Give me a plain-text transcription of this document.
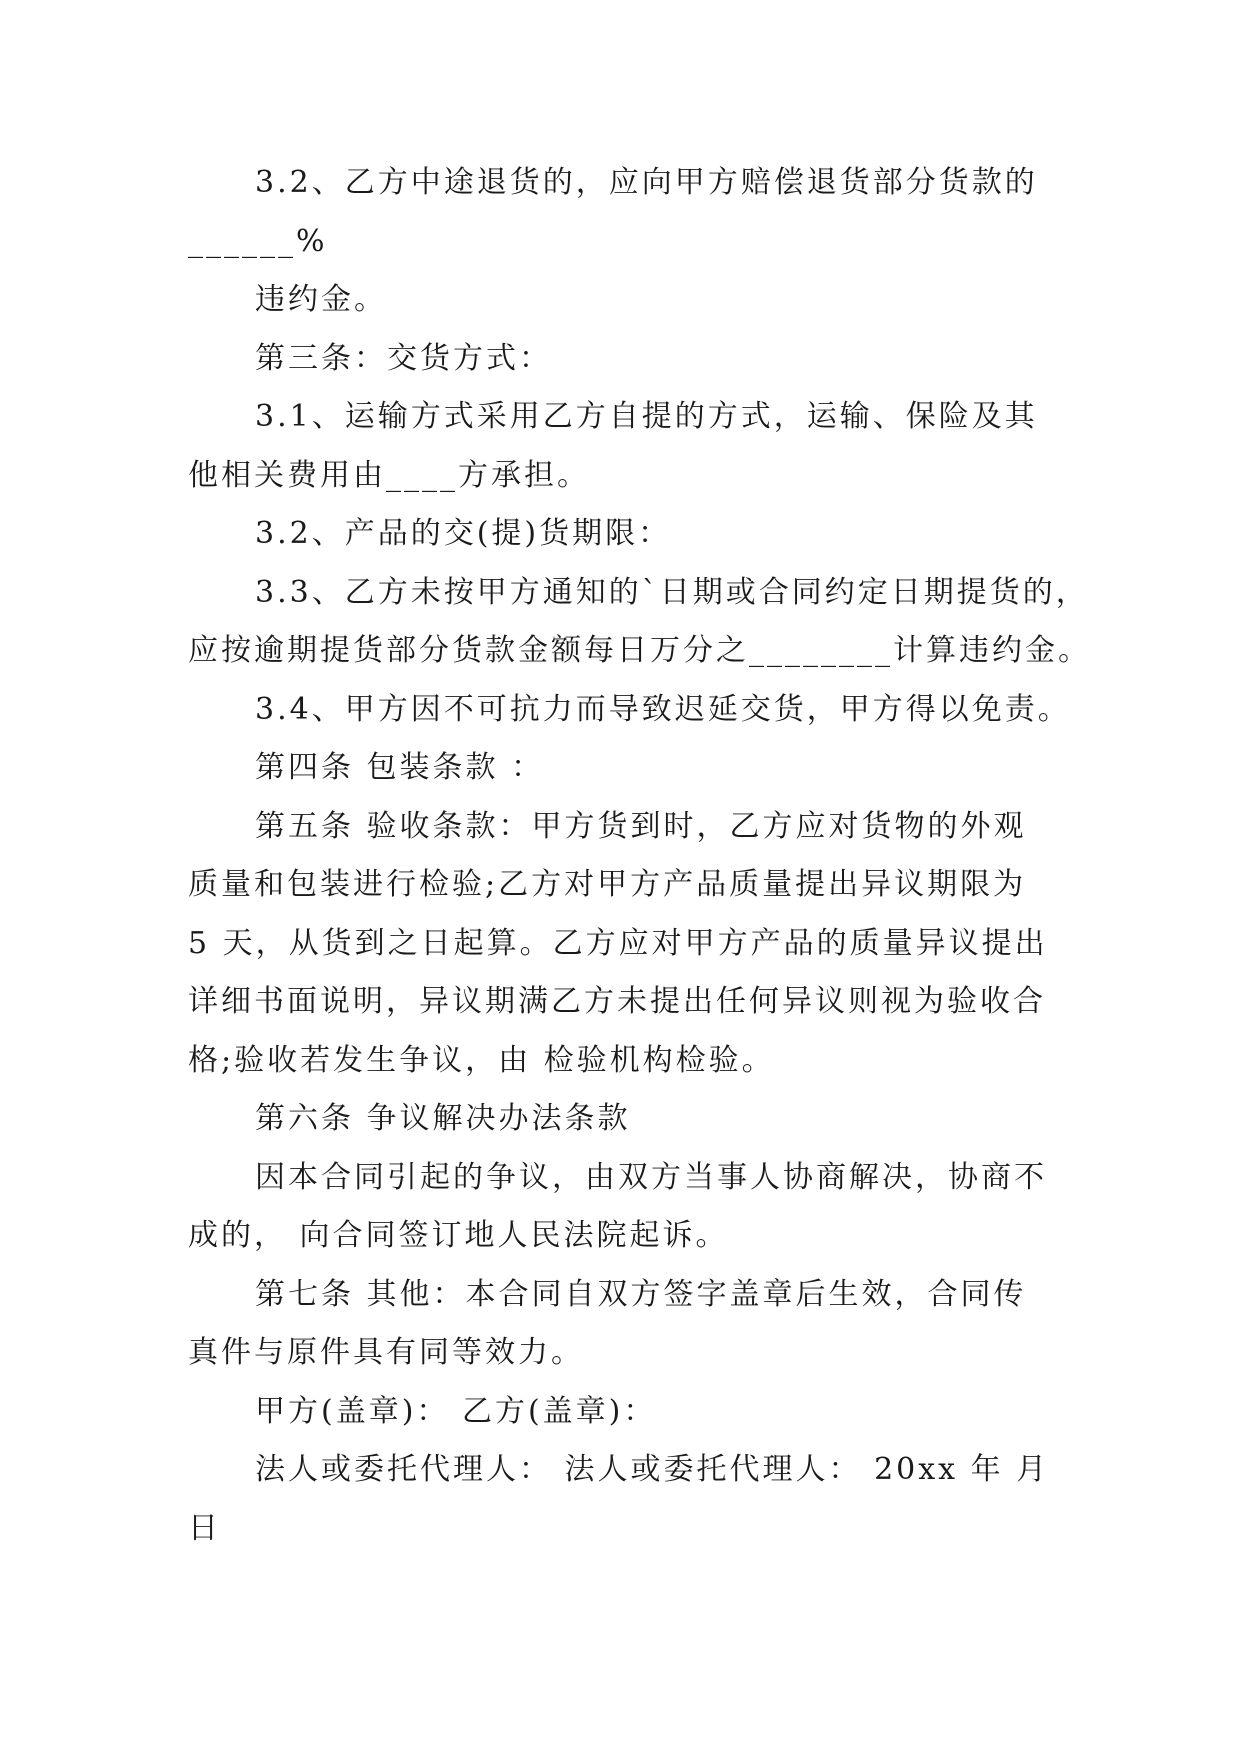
3.2、乙方中途退货的，应向甲方赔偿退货部分货款的
______%
违约金。
第三条：交货方式：
3.1、运输方式采用乙方自提的方式，运输、保险及其
他相关费用由____方承担。
3.2、产品的交(提)货期限：
3.3、乙方未按甲方通知的`日期或合同约定日期提货的，
应按逾期提货部分货款金额每日万分之________计算违约金。
3.4、甲方因不可抗力而导致迟延交货，甲方得以免责。
第四条 包装条款 ：
第五条 验收条款：甲方货到时，乙方应对货物的外观
质量和包装进行检验;乙方对甲方产品质量提出异议期限为
5 天，从货到之日起算。乙方应对甲方产品的质量异议提出
详细书面说明，异议期满乙方未提出任何异议则视为验收合
格;验收若发生争议，由 检验机构检验。
第六条 争议解决办法条款
因本合同引起的争议，由双方当事人协商解决，协商不
成的， 向合同签订地人民法院起诉。
第七条 其他：本合同自双方签字盖章后生效，合同传
真件与原件具有同等效力。
甲方(盖章)： 乙方(盖章)：
法人或委托代理人： 法人或委托代理人： 20xx 年 月
日
